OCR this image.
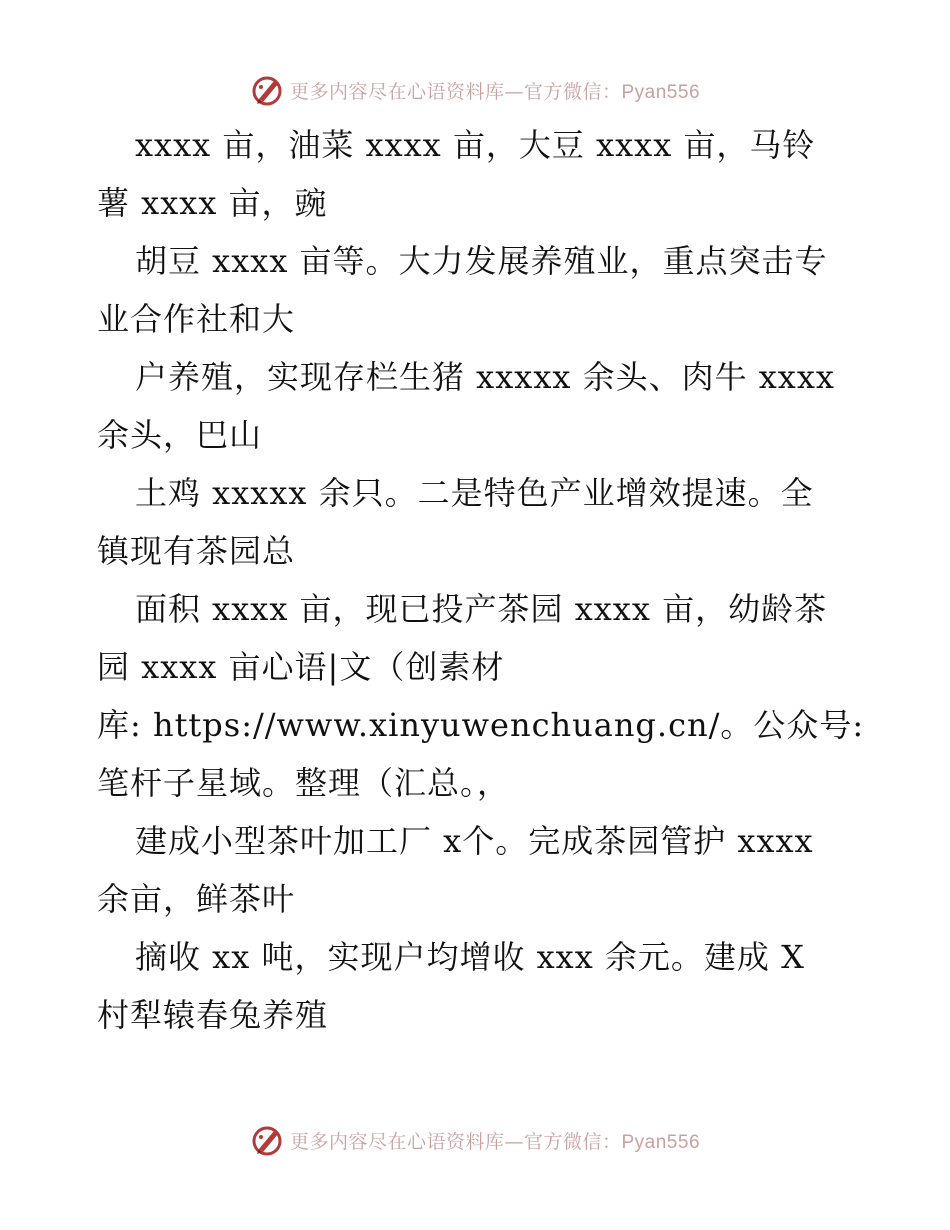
更多内容尽在心语资料库—官方微信：Pyan556
xxxx 亩，油菜 xxxx 亩，大豆 xxxx 亩，马铃
薯 xxxx 亩，豌
胡豆 xxxx 亩等。大力发展养殖业，重点突击专
业合作社和大
户养殖，实现存栏生猪 xxxxx 余头、肉牛 xxxx
余头，巴山
土鸡 xxxxx 余只。二是特色产业增效提速。全
镇现有茶园总
面积 xxxx 亩，现已投产茶园 xxxx 亩，幼龄茶
园 xxxx 亩心语|文（创素材
库: https://www.xinyuwenchuang.cn/。公众号:
笔杆子星域。整理（汇总。，
建成小型茶叶加工厂 x个。完成茶园管护 xxxx
余亩，鲜茶叶
摘收 xx 吨，实现户均增收 xxx 余元。建成 X
村犁辕春兔养殖
更多内容尽在心语资料库—官方微信：Pyan556
